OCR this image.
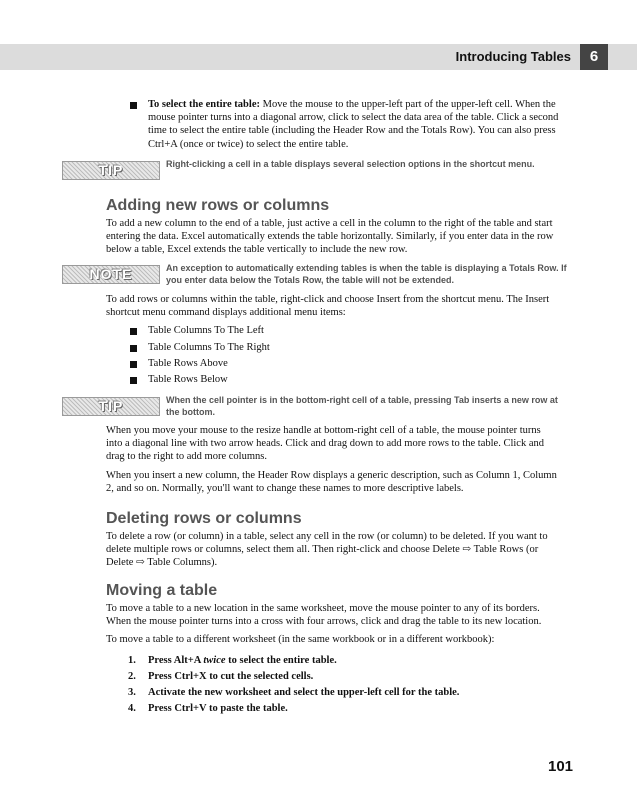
Introducing Tables	6
To select the entire table: Move the mouse to the upper-left part of the upper-left cell. When the
mouse pointer turns into a diagonal arrow, click to select the data area of the table. Click a second
time to select the entire table (including the Header Row and the Totals Row). You can also press
Ctrl+A (once or twice) to select the entire table.
TIP	Right-clicking a cell in a table displays several selection options in the shortcut menu.
Adding new rows or columns
To add a new column to the end of a table, just active a cell in the column to the right of the table and start
entering the data. Excel automatically extends the table horizontally. Similarly, if you enter data in the row
below a table, Excel extends the table vertically to include the new row.
NOTE	An exception to automatically extending tables is when the table is displaying a Totals Row. If
you enter data below the Totals Row, the table will not be extended.
To add rows or columns within the table, right-click and choose Insert from the shortcut menu. The Insert
shortcut menu command displays additional menu items:
Table Columns To The Left
Table Columns To The Right
Table Rows Above
Table Rows Below
TIP	When the cell pointer is in the bottom-right cell of a table, pressing Tab inserts a new row at
the bottom.
When you move your mouse to the resize handle at bottom-right cell of a table, the mouse pointer turns
into a diagonal line with two arrow heads. Click and drag down to add more rows to the table. Click and
drag to the right to add more columns.
When you insert a new column, the Header Row displays a generic description, such as Column 1, Column
2, and so on. Normally, you'll want to change these names to more descriptive labels.
Deleting rows or columns
To delete a row (or column) in a table, select any cell in the row (or column) to be deleted. If you want to
delete multiple rows or columns, select them all. Then right-click and choose Delete ⇨ Table Rows (or
Delete ⇨ Table Columns).
Moving a table
To move a table to a new location in the same worksheet, move the mouse pointer to any of its borders.
When the mouse pointer turns into a cross with four arrows, click and drag the table to its new location.
To move a table to a different worksheet (in the same workbook or in a different workbook):
1. Press Alt+A twice to select the entire table.
2. Press Ctrl+X to cut the selected cells.
3. Activate the new worksheet and select the upper-left cell for the table.
4. Press Ctrl+V to paste the table.
101
